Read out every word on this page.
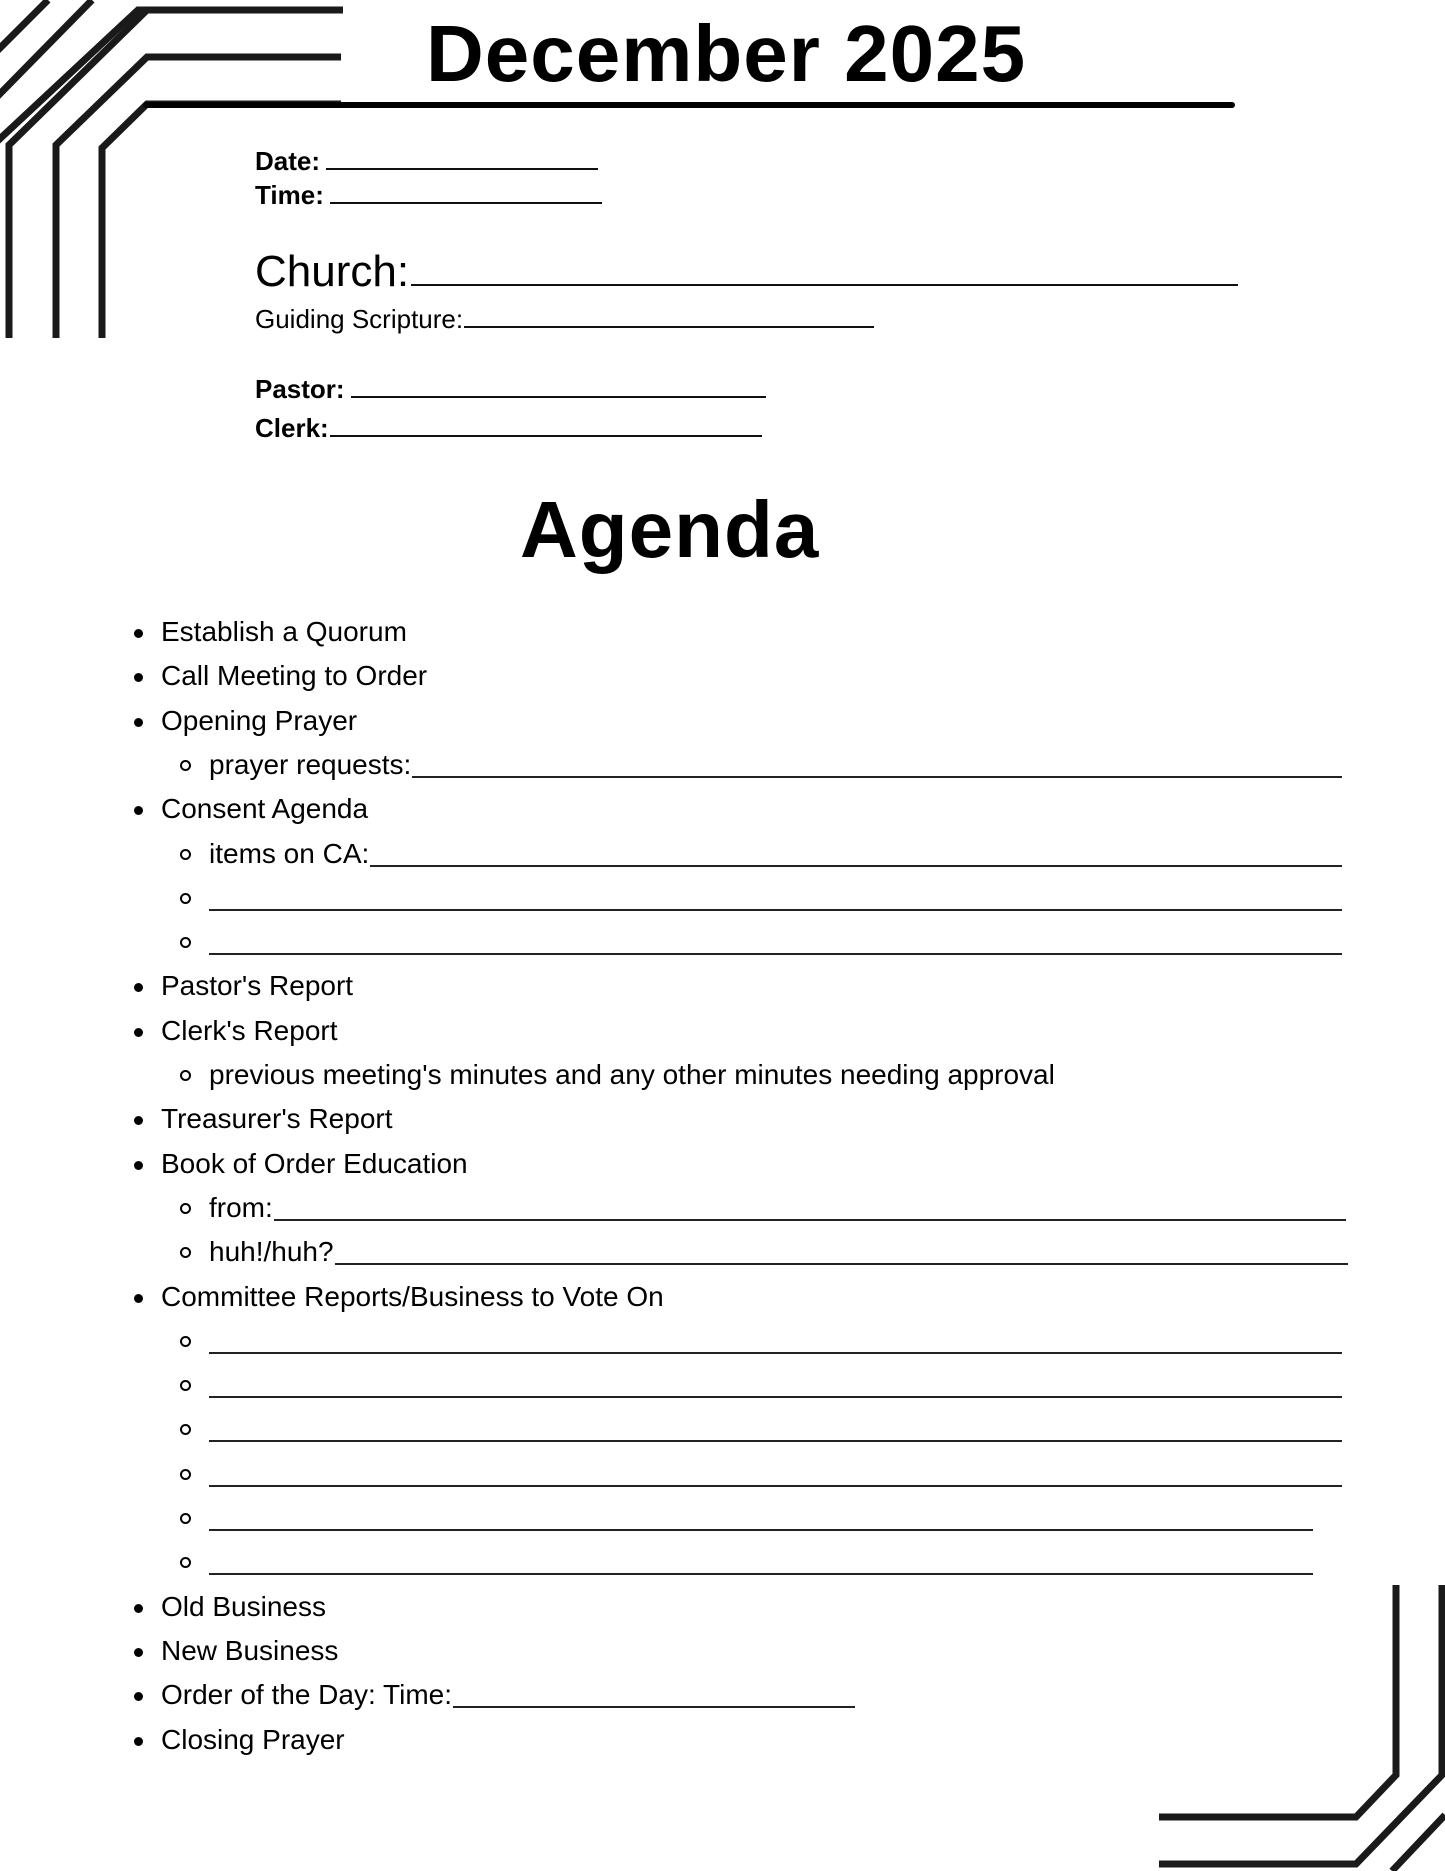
December 2025
Date:
Time:
Church:
Guiding Scripture:
Pastor:
Clerk:
Agenda
Establish a Quorum
Call Meeting to Order
Opening Prayer
prayer requests:
Consent Agenda
items on CA:
Pastor's Report
Clerk's Report
previous meeting's minutes and any other minutes needing approval
Treasurer's Report
Book of Order Education
from:
huh!/huh?
Committee Reports/Business to Vote On
Old Business
New Business
Order of the Day: Time:
Closing Prayer
